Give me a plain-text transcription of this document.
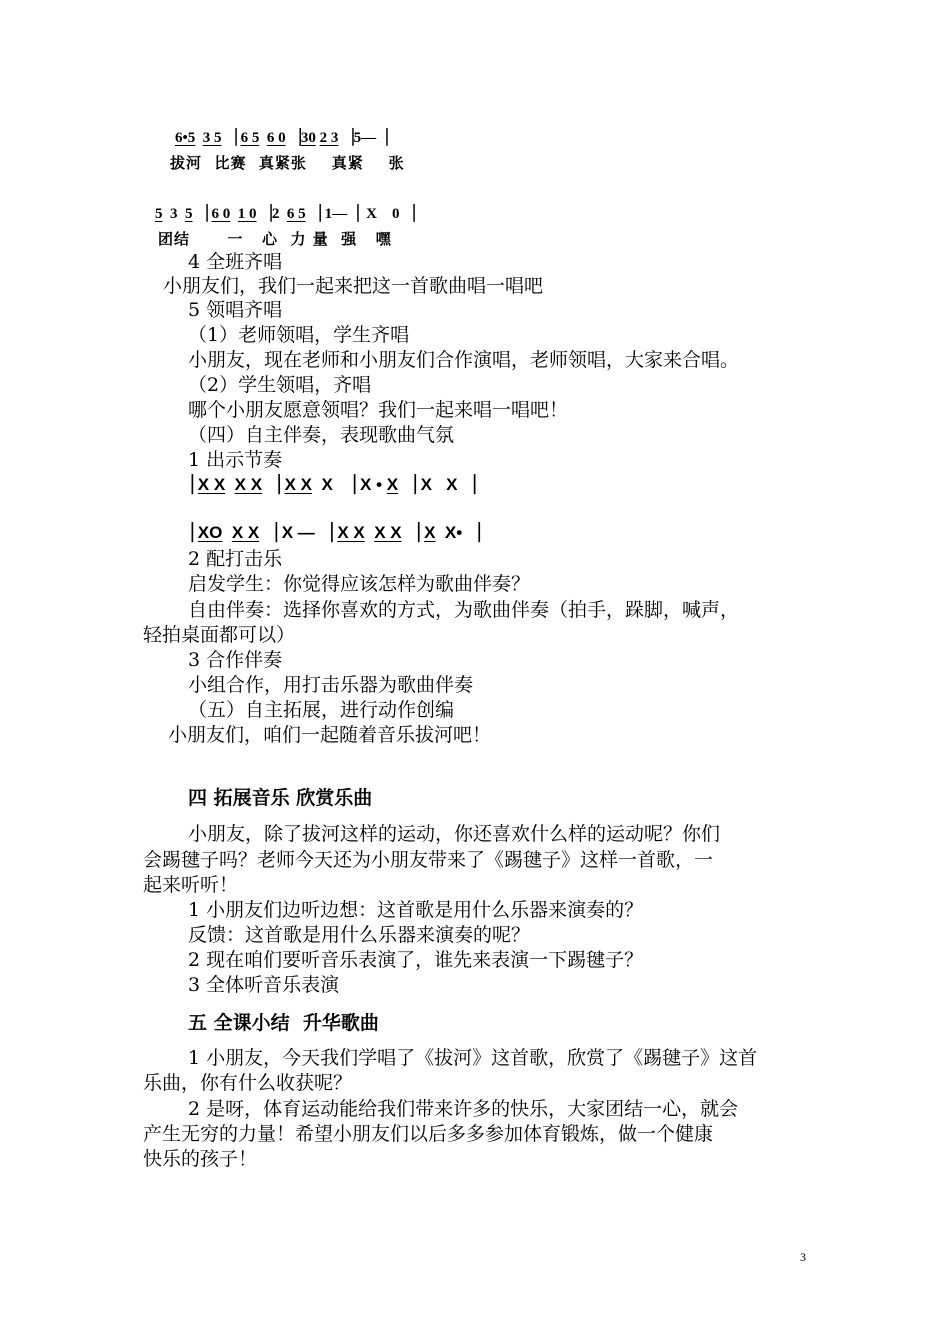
6•5 3 5 ▕ 6 5 6 0 ▕30 2 3 ▕5—▕
拔河  比赛  真紧张    真紧    张
5  3  5 ▕ 6 0 1 0 ▕2  6 5 ▕ 1—▕  X    0 ▕
团结      一   心  力 量  强   嘿
4 全班齐唱
小朋友们，我们一起来把这一首歌曲唱一唱吧
5 领唱齐唱
（1）老师领唱，学生齐唱
小朋友，现在老师和小朋友们合作演唱，老师领唱，大家来合唱。
（2）学生领唱，齐唱
哪个小朋友愿意领唱？我们一起来唱一唱吧！
（四）自主伴奏，表现歌曲气氛
1 出示节奏
▕ X X X X ▕ X X  X  ▕ X • X ▕ X   X ▕
▕ XO X X ▕ X — ▕ X X X X ▕ X  X• ▕
2 配打击乐
启发学生：你觉得应该怎样为歌曲伴奏？
自由伴奏：选择你喜欢的方式，为歌曲伴奏（拍手，跺脚，喊声，
轻拍桌面都可以）
3 合作伴奏
小组合作，用打击乐器为歌曲伴奏
（五）自主拓展，进行动作创编
小朋友们，咱们一起随着音乐拔河吧！
四 拓展音乐 欣赏乐曲
小朋友，除了拔河这样的运动，你还喜欢什么样的运动呢？你们
会踢毽子吗？老师今天还为小朋友带来了《踢毽子》这样一首歌，一
起来听听！
1 小朋友们边听边想：这首歌是用什么乐器来演奏的？
反馈：这首歌是用什么乐器来演奏的呢？
2 现在咱们要听音乐表演了，谁先来表演一下踢毽子？
3 全体听音乐表演
五 全课小结  升华歌曲
1 小朋友，今天我们学唱了《拔河》这首歌，欣赏了《踢毽子》这首
乐曲，你有什么收获呢？
2 是呀，体育运动能给我们带来许多的快乐，大家团结一心，就会
产生无穷的力量！希望小朋友们以后多多参加体育锻炼，做一个健康
快乐的孩子！
3
